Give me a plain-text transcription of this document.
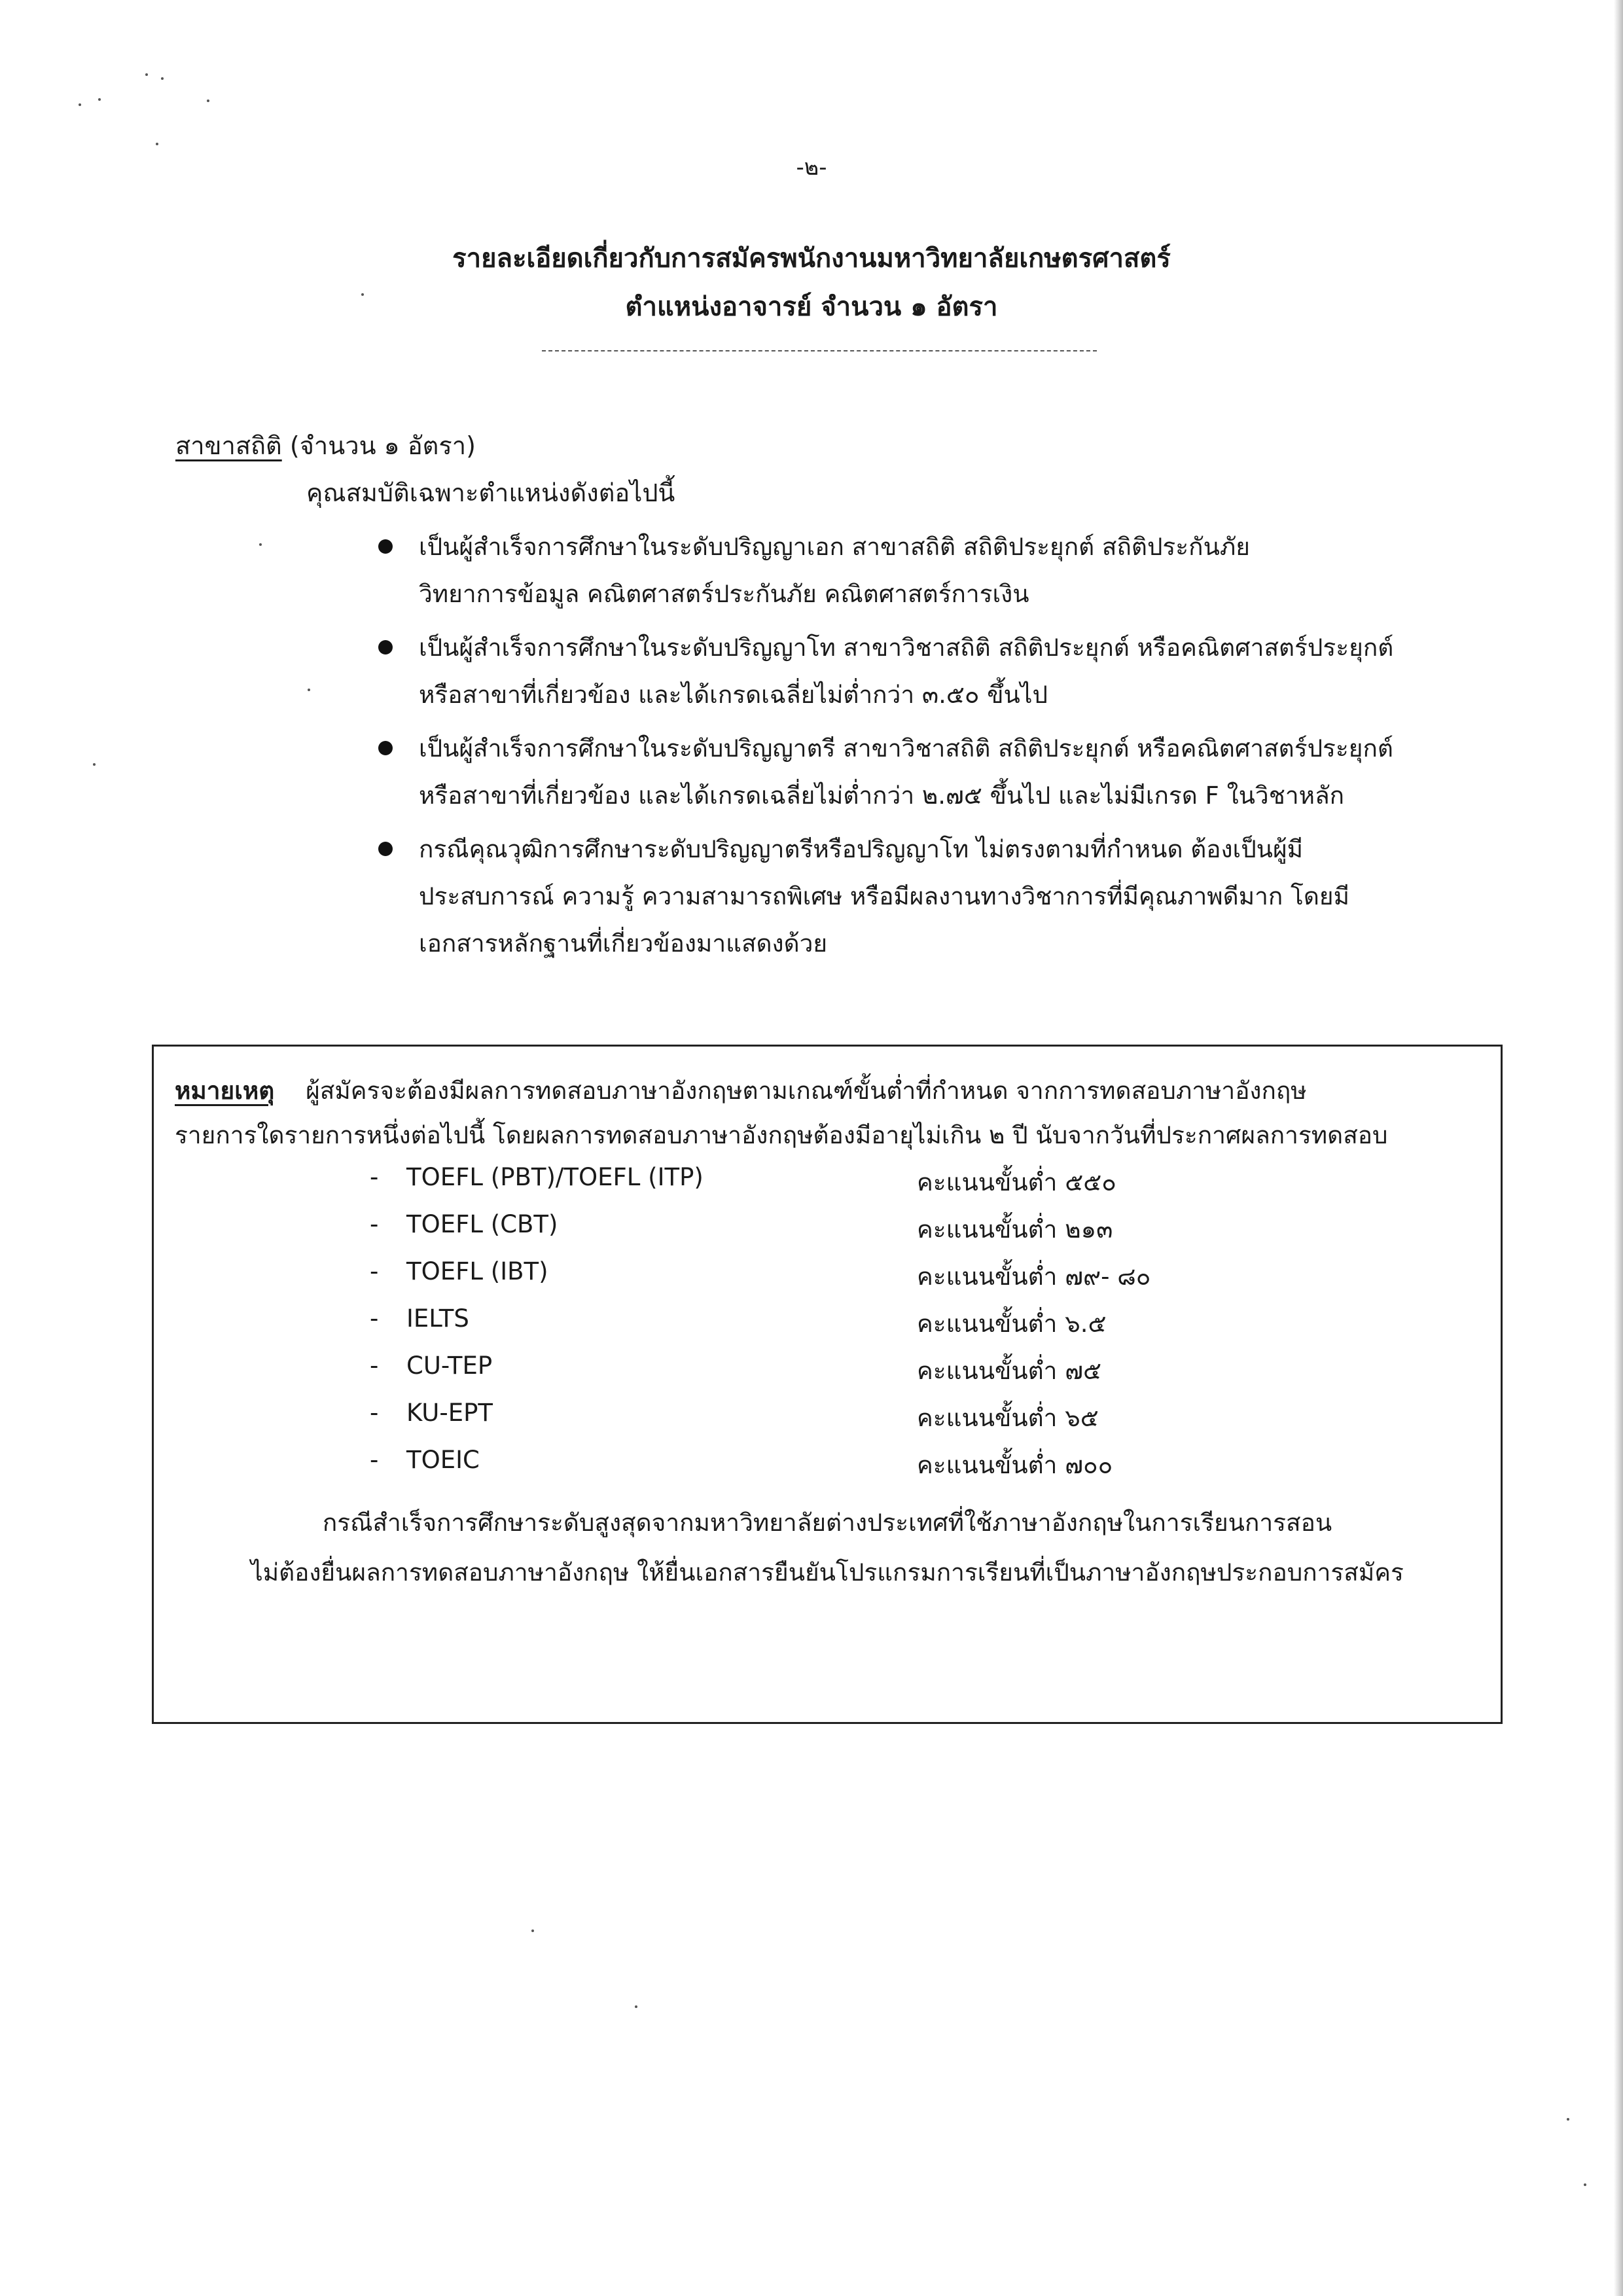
-๒-
รายละเอียดเกี่ยวกับการสมัครพนักงานมหาวิทยาลัยเกษตรศาสตร์
ตำแหน่งอาจารย์ จำนวน ๑ อัตรา
สาขาสถิติ (จำนวน ๑ อัตรา)
คุณสมบัติเฉพาะตำแหน่งดังต่อไปนี้
เป็นผู้สำเร็จการศึกษาในระดับปริญญาเอก สาขาสถิติ สถิติประยุกต์ สถิติประกันภัย
วิทยาการข้อมูล คณิตศาสตร์ประกันภัย คณิตศาสตร์การเงิน
เป็นผู้สำเร็จการศึกษาในระดับปริญญาโท สาขาวิชาสถิติ สถิติประยุกต์ หรือคณิตศาสตร์ประยุกต์
หรือสาขาที่เกี่ยวข้อง และได้เกรดเฉลี่ยไม่ต่ำกว่า ๓.๕๐ ขึ้นไป
เป็นผู้สำเร็จการศึกษาในระดับปริญญาตรี สาขาวิชาสถิติ สถิติประยุกต์ หรือคณิตศาสตร์ประยุกต์
หรือสาขาที่เกี่ยวข้อง และได้เกรดเฉลี่ยไม่ต่ำกว่า ๒.๗๕ ขึ้นไป และไม่มีเกรด F ในวิชาหลัก
กรณีคุณวุฒิการศึกษาระดับปริญญาตรีหรือปริญญาโท ไม่ตรงตามที่กำหนด ต้องเป็นผู้มี
ประสบการณ์ ความรู้ ความสามารถพิเศษ หรือมีผลงานทางวิชาการที่มีคุณภาพดีมาก โดยมี
เอกสารหลักฐานที่เกี่ยวข้องมาแสดงด้วย
หมายเหตุ ผู้สมัครจะต้องมีผลการทดสอบภาษาอังกฤษตามเกณฑ์ขั้นต่ำที่กำหนด จากการทดสอบภาษาอังกฤษ
รายการใดรายการหนึ่งต่อไปนี้ โดยผลการทดสอบภาษาอังกฤษต้องมีอายุไม่เกิน ๒ ปี นับจากวันที่ประกาศผลการทดสอบ
- TOEFL (PBT)/TOEFL (ITP)	คะแนนขั้นต่ำ ๕๕๐
- TOEFL (CBT)	คะแนนขั้นต่ำ ๒๑๓
- TOEFL (IBT)	คะแนนขั้นต่ำ ๗๙- ๘๐
- IELTS	คะแนนขั้นต่ำ ๖.๕
- CU-TEP	คะแนนขั้นต่ำ ๗๕
- KU-EPT	คะแนนขั้นต่ำ ๖๕
- TOEIC	คะแนนขั้นต่ำ ๗๐๐
กรณีสำเร็จการศึกษาระดับสูงสุดจากมหาวิทยาลัยต่างประเทศที่ใช้ภาษาอังกฤษในการเรียนการสอน
ไม่ต้องยื่นผลการทดสอบภาษาอังกฤษ ให้ยื่นเอกสารยืนยันโปรแกรมการเรียนที่เป็นภาษาอังกฤษประกอบการสมัคร
